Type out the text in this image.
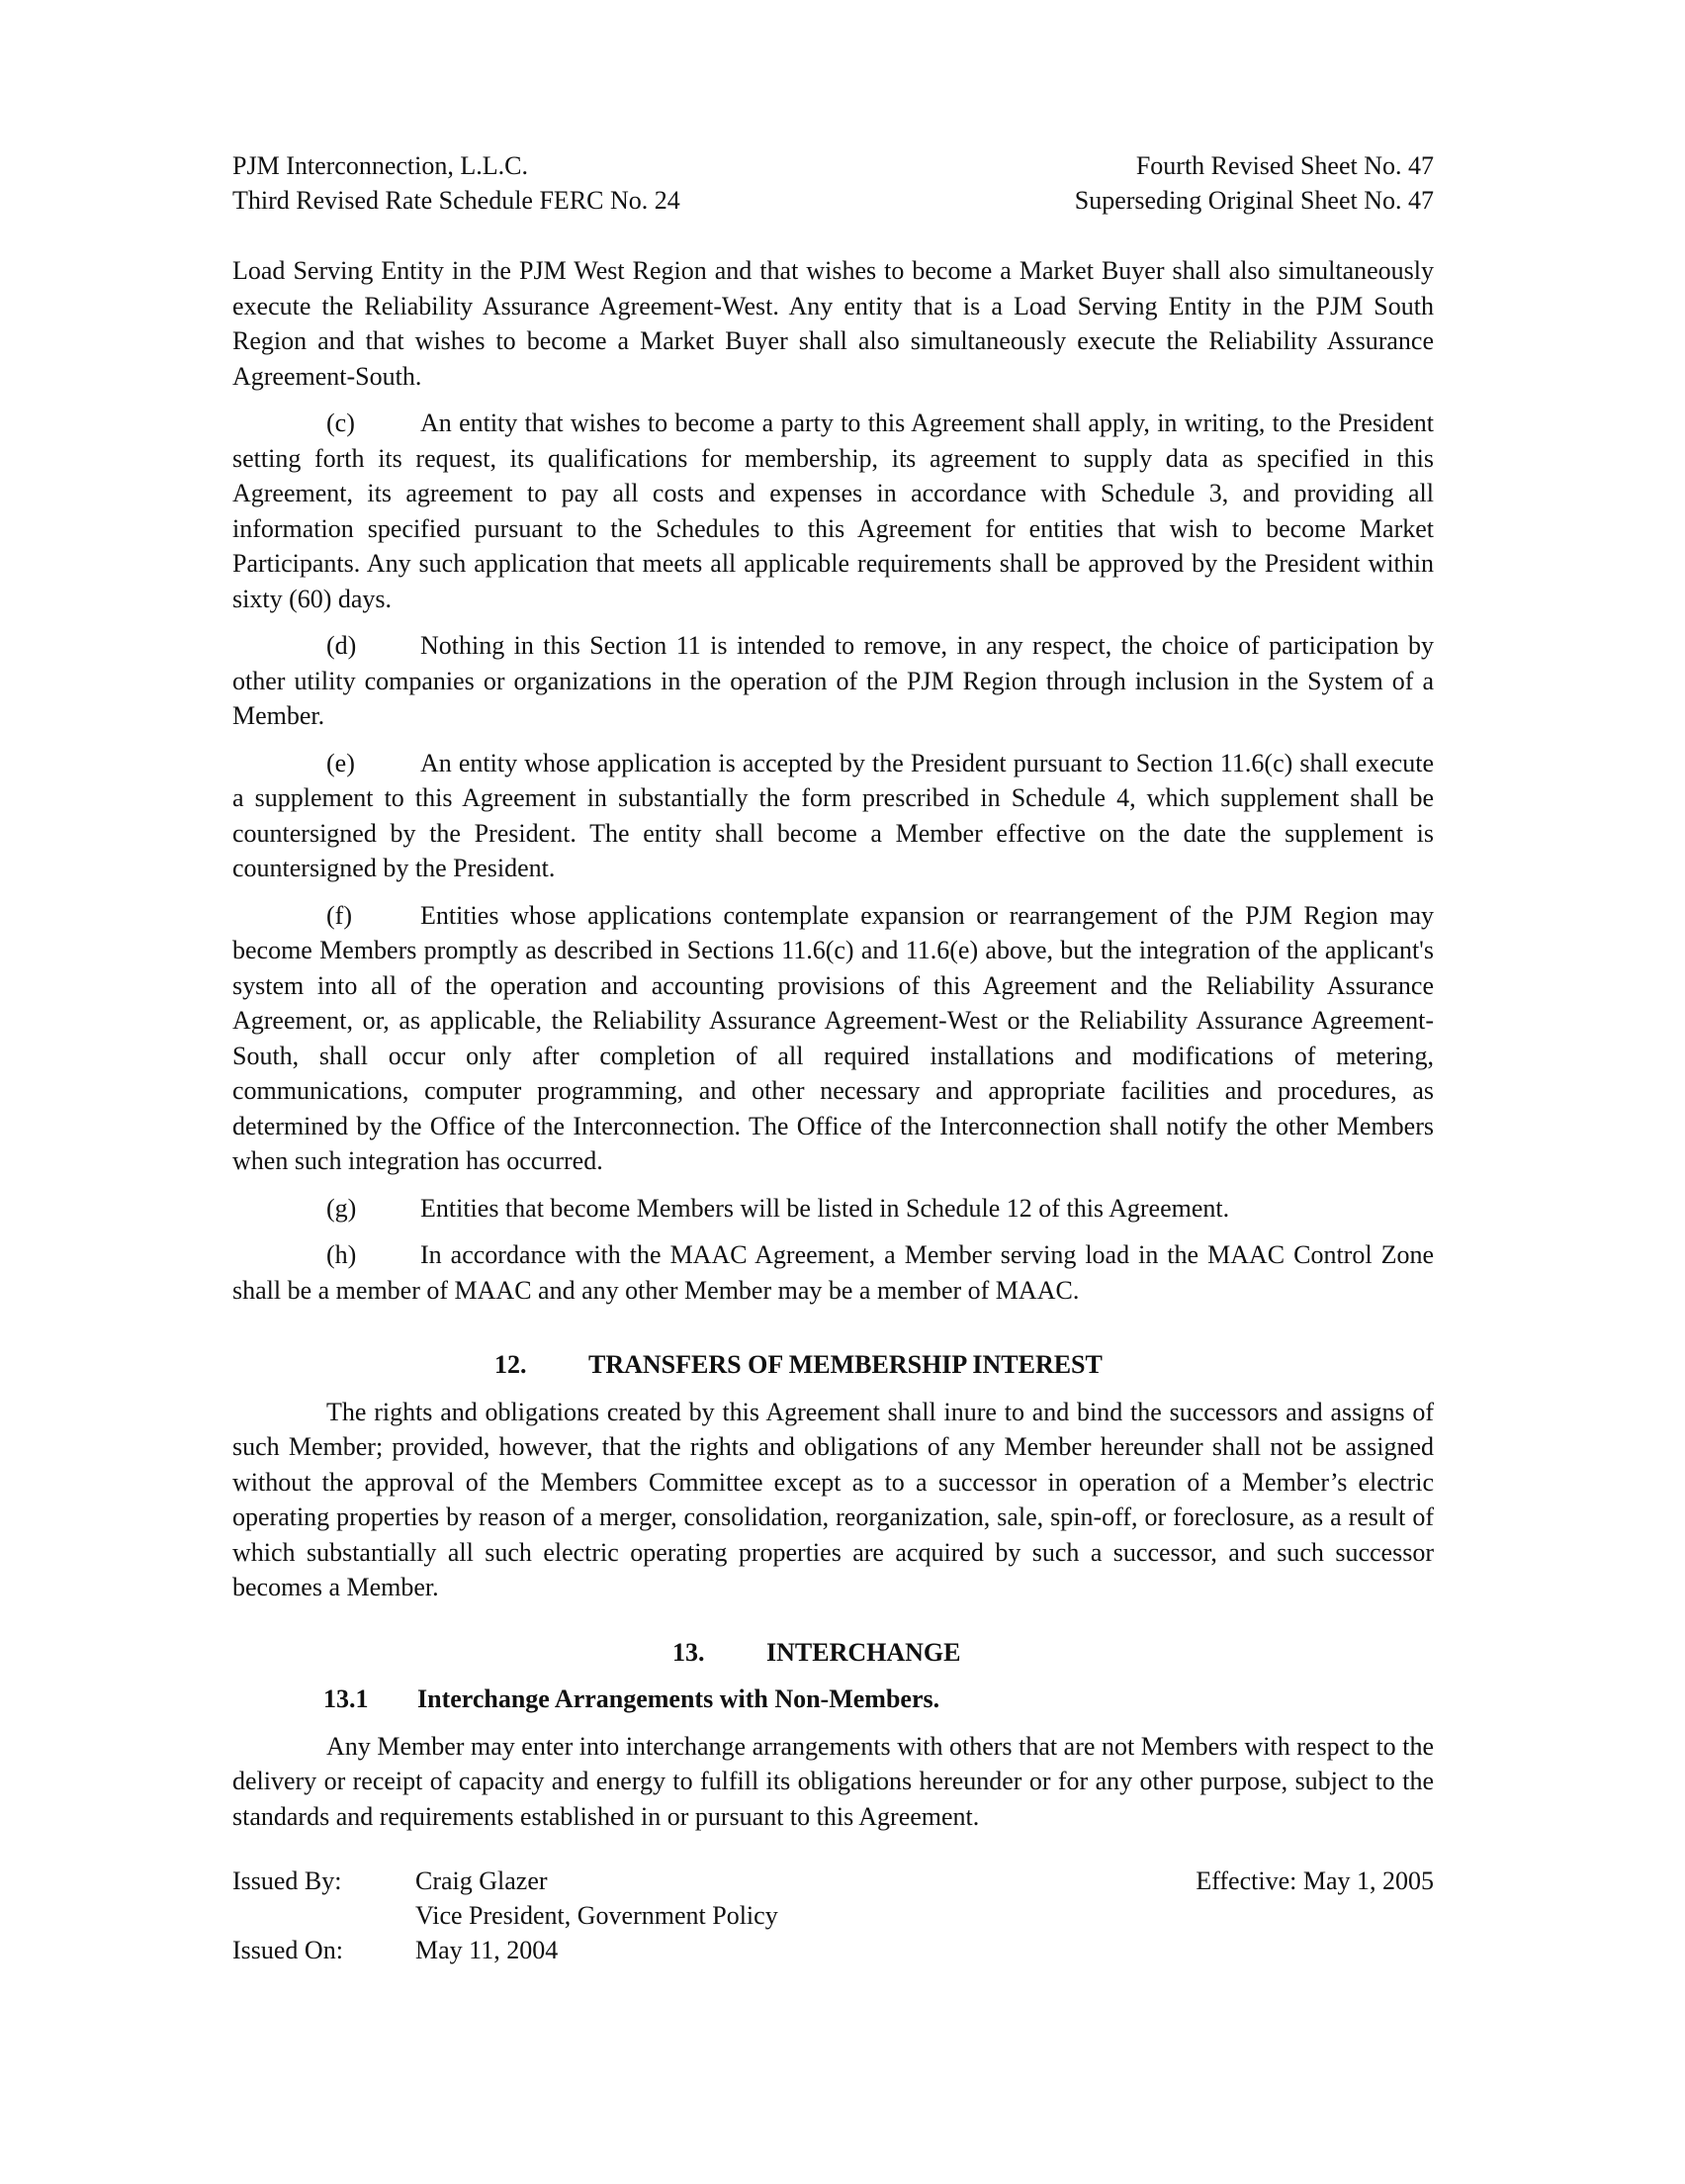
PJM Interconnection, L.L.C.
Third Revised Rate Schedule FERC No. 24
Fourth Revised Sheet No. 47
Superseding Original Sheet No. 47

Load Serving Entity in the PJM West Region and that wishes to become a Market Buyer shall also simultaneously execute the Reliability Assurance Agreement-West. Any entity that is a Load Serving Entity in the PJM South Region and that wishes to become a Market Buyer shall also simultaneously execute the Reliability Assurance Agreement-South.

(c)	An entity that wishes to become a party to this Agreement shall apply, in writing, to the President setting forth its request, its qualifications for membership, its agreement to supply data as specified in this Agreement, its agreement to pay all costs and expenses in accordance with Schedule 3, and providing all information specified pursuant to the Schedules to this Agreement for entities that wish to become Market Participants. Any such application that meets all applicable requirements shall be approved by the President within sixty (60) days.

(d) Nothing in this Section 11 is intended to remove, in any respect, the choice of participation by other utility companies or organizations in the operation of the PJM Region through inclusion in the System of a Member.

(e)	An entity whose application is accepted by the President pursuant to Section 11.6(c) shall execute a supplement to this Agreement in substantially the form prescribed in Schedule 4, which supplement shall be countersigned by the President. The entity shall become a Member effective on the date the supplement is countersigned by the President.

(f)	Entities whose applications contemplate expansion or rearrangement of the PJM Region may become Members promptly as described in Sections 11.6(c) and 11.6(e) above, but the integration of the applicant's system into all of the operation and accounting provisions of this Agreement and the Reliability Assurance Agreement, or, as applicable, the Reliability Assurance Agreement-West or the Reliability Assurance Agreement-South, shall occur only after completion of all required installations and modifications of metering, communications, computer programming, and other necessary and appropriate facilities and procedures, as determined by the Office of the Interconnection. The Office of the Interconnection shall notify the other Members when such integration has occurred.

(g) Entities that become Members will be listed in Schedule 12 of this Agreement.

(h) In accordance with the MAAC Agreement, a Member serving load in the MAAC Control Zone shall be a member of MAAC and any other Member may be a member of MAAC.

12. TRANSFERS OF MEMBERSHIP INTEREST

The rights and obligations created by this Agreement shall inure to and bind the successors and assigns of such Member; provided, however, that the rights and obligations of any Member hereunder shall not be assigned without the approval of the Members Committee except as to a successor in operation of a Member’s electric operating properties by reason of a merger, consolidation, reorganization, sale, spin-off, or foreclosure, as a result of which substantially all such electric operating properties are acquired by such a successor, and such successor becomes a Member.

13. INTERCHANGE
13.1 Interchange Arrangements with Non-Members.

Any Member may enter into interchange arrangements with others that are not Members with respect to the delivery or receipt of capacity and energy to fulfill its obligations hereunder or for any other purpose, subject to the standards and requirements established in or pursuant to this Agreement.

Issued By:	Craig Glazer
	Vice President, Government Policy
Issued On:	May 11, 2004
Effective: May 1, 2005
